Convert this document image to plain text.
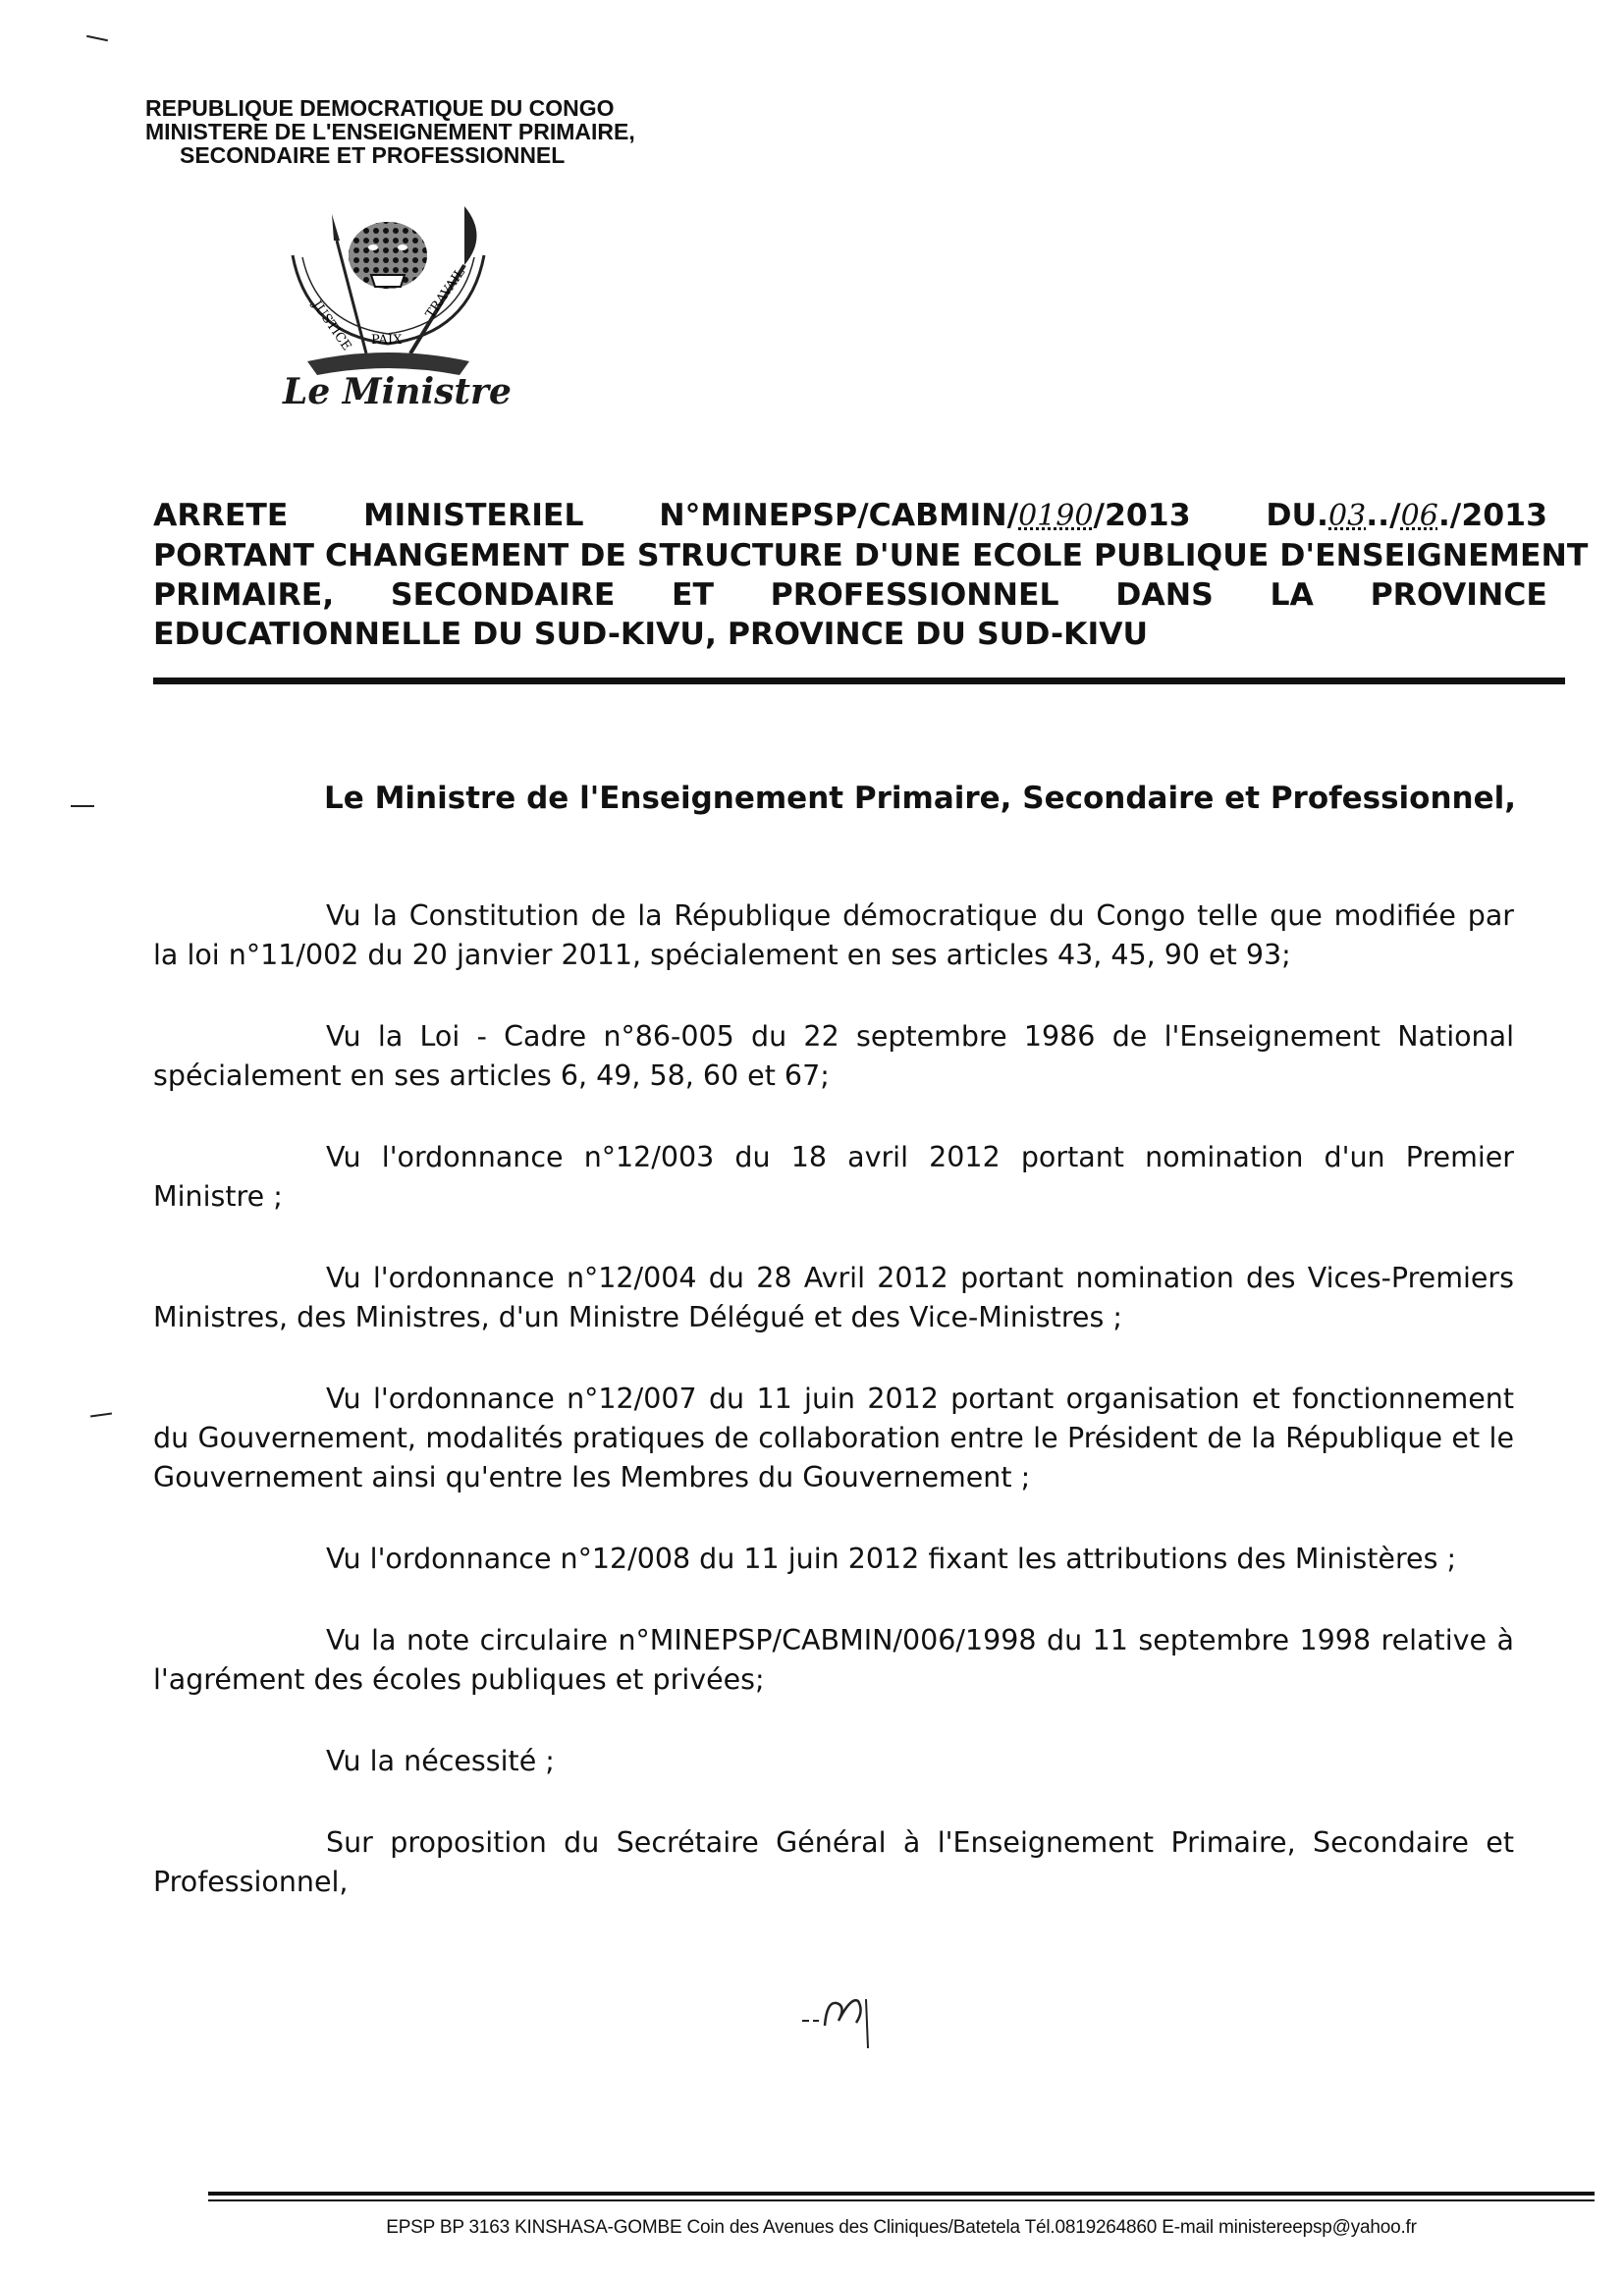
REPUBLIQUE DEMOCRATIQUE DU CONGO
MINISTERE DE L'ENSEIGNEMENT PRIMAIRE,
SECONDAIRE ET PROFESSIONNEL
JUSTICE PAIX
TRAVAIL
Le Ministre
ARRETE MINISTERIEL N°MINEPSP/CABMIN/0190/2013 DU.03../06./2013
PORTANT CHANGEMENT DE STRUCTURE D'UNE ECOLE PUBLIQUE D'ENSEIGNEMENT
PRIMAIRE, SECONDAIRE ET PROFESSIONNEL DANS LA PROVINCE
EDUCATIONNELLE DU SUD-KIVU, PROVINCE DU SUD-KIVU
Le Ministre de l'Enseignement Primaire, Secondaire et Professionnel,

Vu la Constitution de la République démocratique du Congo telle que modifiée par la loi n°11/002 du 20 janvier 2011, spécialement en ses articles 43, 45, 90 et 93;

Vu la Loi - Cadre n°86-005 du 22 septembre 1986 de l'Enseignement National spécialement en ses articles 6, 49, 58, 60 et 67;

Vu l'ordonnance n°12/003 du 18 avril 2012 portant nomination d'un Premier Ministre ;

Vu l'ordonnance n°12/004 du 28 Avril 2012 portant nomination des Vices-Premiers Ministres, des Ministres, d'un Ministre Délégué et des Vice-Ministres ;

Vu l'ordonnance n°12/007 du 11 juin 2012 portant organisation et fonctionnement du Gouvernement, modalités pratiques de collaboration entre le Président de la République et le Gouvernement ainsi qu'entre les Membres du Gouvernement ;

Vu l'ordonnance n°12/008 du 11 juin 2012 fixant les attributions des Ministères ;

Vu la note circulaire n°MINEPSP/CABMIN/006/1998 du 11 septembre 1998 relative à l'agrément des écoles publiques et privées;

Vu la nécessité ;

Sur proposition du Secrétaire Général à l'Enseignement Primaire, Secondaire et Professionnel,

EPSP BP 3163 KINSHASA-GOMBE Coin des Avenues des Cliniques/Batetela Tél.0819264860 E-mail ministereepsp@yahoo.fr
